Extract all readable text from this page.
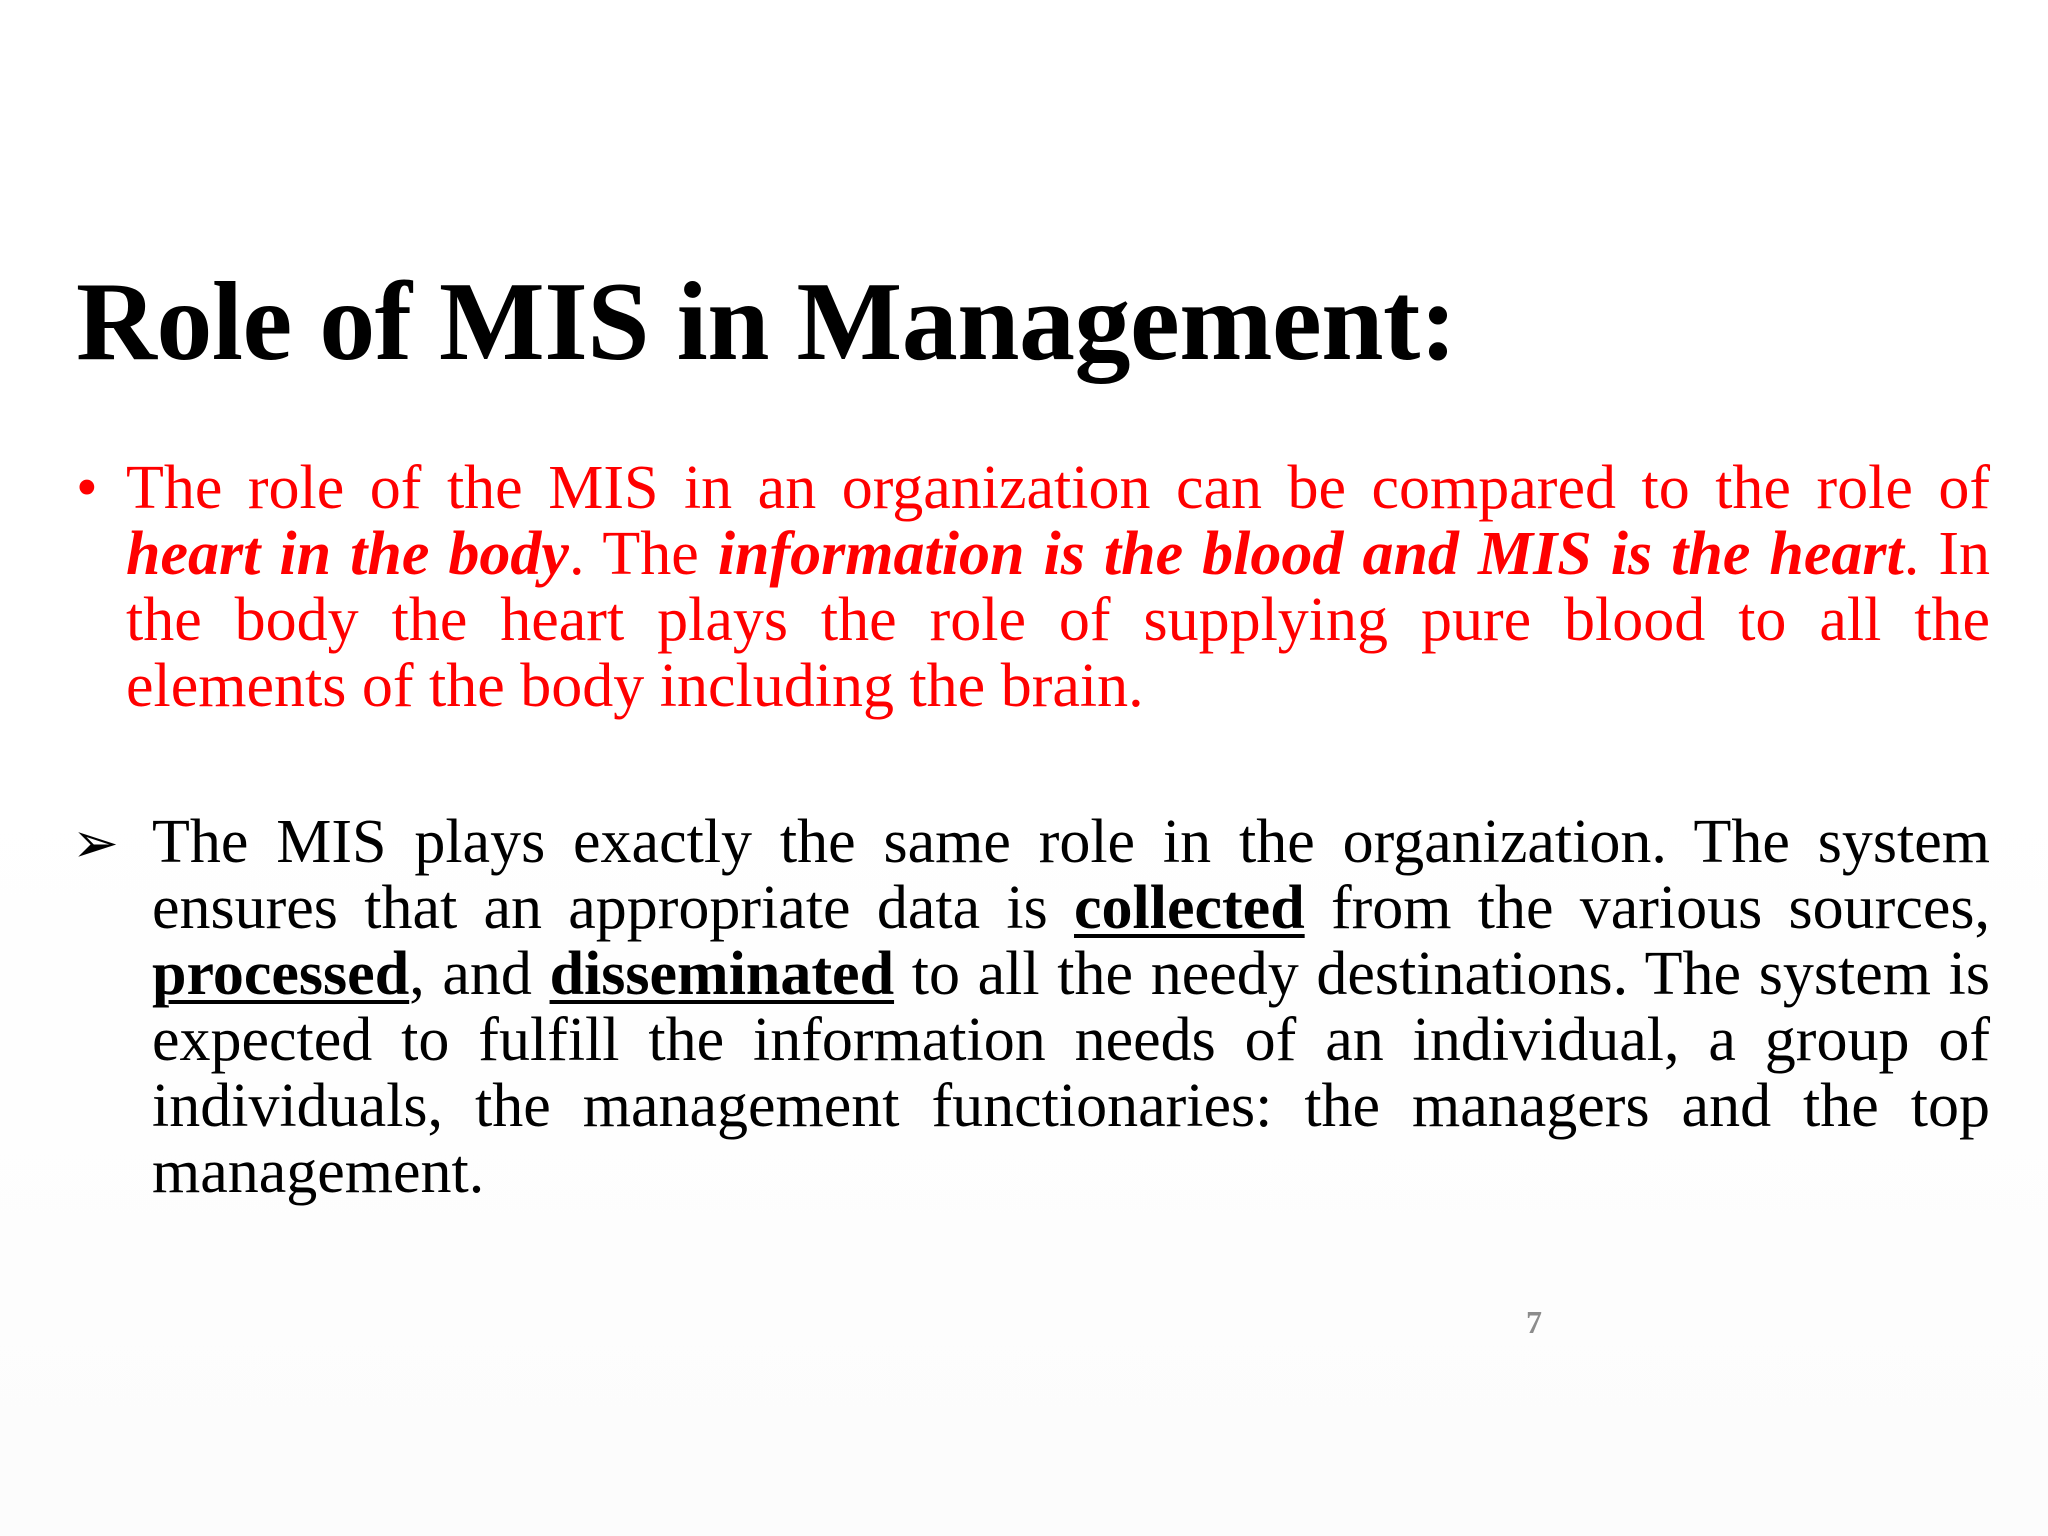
Role of MIS in Management:
• The role of the MIS in an organization can be compared to the role of heart in the body. The information is the blood and MIS is the heart. In the body the heart plays the role of supplying pure blood to all the elements of the body including the brain.

➢ The MIS plays exactly the same role in the organization. The system ensures that an appropriate data is collected from the various sources, processed, and disseminated to all the needy destinations. The system is expected to fulfill the information needs of an individual, a group of individuals, the management functionaries: the managers and the top management.

7
